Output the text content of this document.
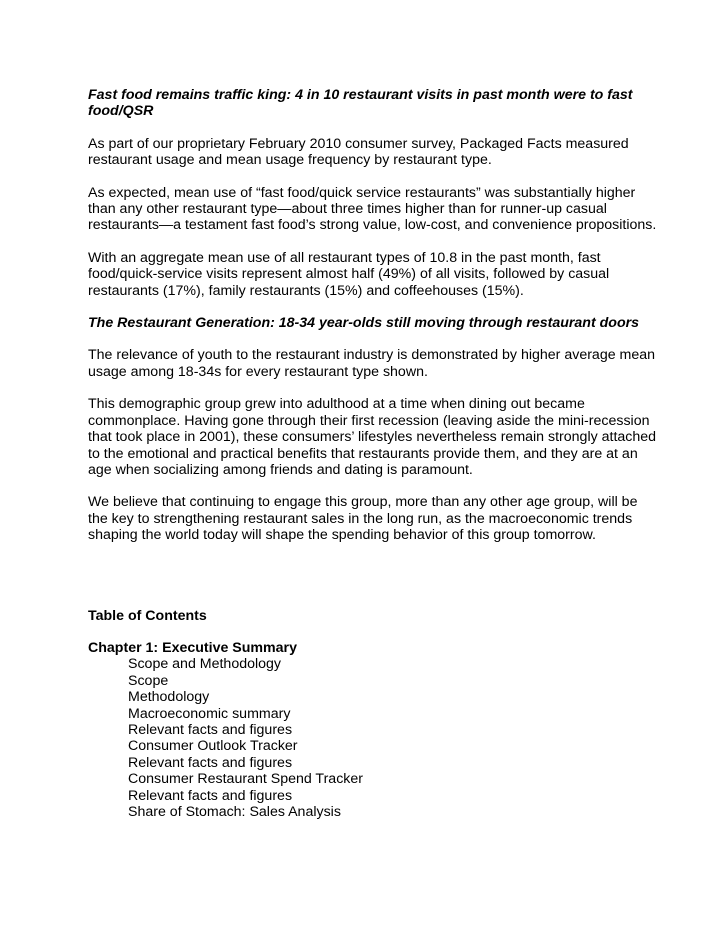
Fast food remains traffic king: 4 in 10 restaurant visits in past month were to fast food/QSR

As part of our proprietary February 2010 consumer survey, Packaged Facts measured restaurant usage and mean usage frequency by restaurant type.

As expected, mean use of “fast food/quick service restaurants” was substantially higher than any other restaurant type—about three times higher than for runner-up casual restaurants—a testament fast food’s strong value, low-cost, and convenience propositions.

With an aggregate mean use of all restaurant types of 10.8 in the past month, fast food/quick-service visits represent almost half (49%) of all visits, followed by casual restaurants (17%), family restaurants (15%) and coffeehouses (15%).

The Restaurant Generation: 18-34 year-olds still moving through restaurant doors

The relevance of youth to the restaurant industry is demonstrated by higher average mean usage among 18-34s for every restaurant type shown.

This demographic group grew into adulthood at a time when dining out became commonplace. Having gone through their first recession (leaving aside the mini-recession that took place in 2001), these consumers’ lifestyles nevertheless remain strongly attached to the emotional and practical benefits that restaurants provide them, and they are at an age when socializing among friends and dating is paramount.

We believe that continuing to engage this group, more than any other age group, will be the key to strengthening restaurant sales in the long run, as the macroeconomic trends shaping the world today will shape the spending behavior of this group tomorrow.

Table of Contents

Chapter 1: Executive Summary

Scope and Methodology
Scope
Methodology
Macroeconomic summary
Relevant facts and figures
Consumer Outlook Tracker
Relevant facts and figures
Consumer Restaurant Spend Tracker
Relevant facts and figures
Share of Stomach: Sales Analysis
